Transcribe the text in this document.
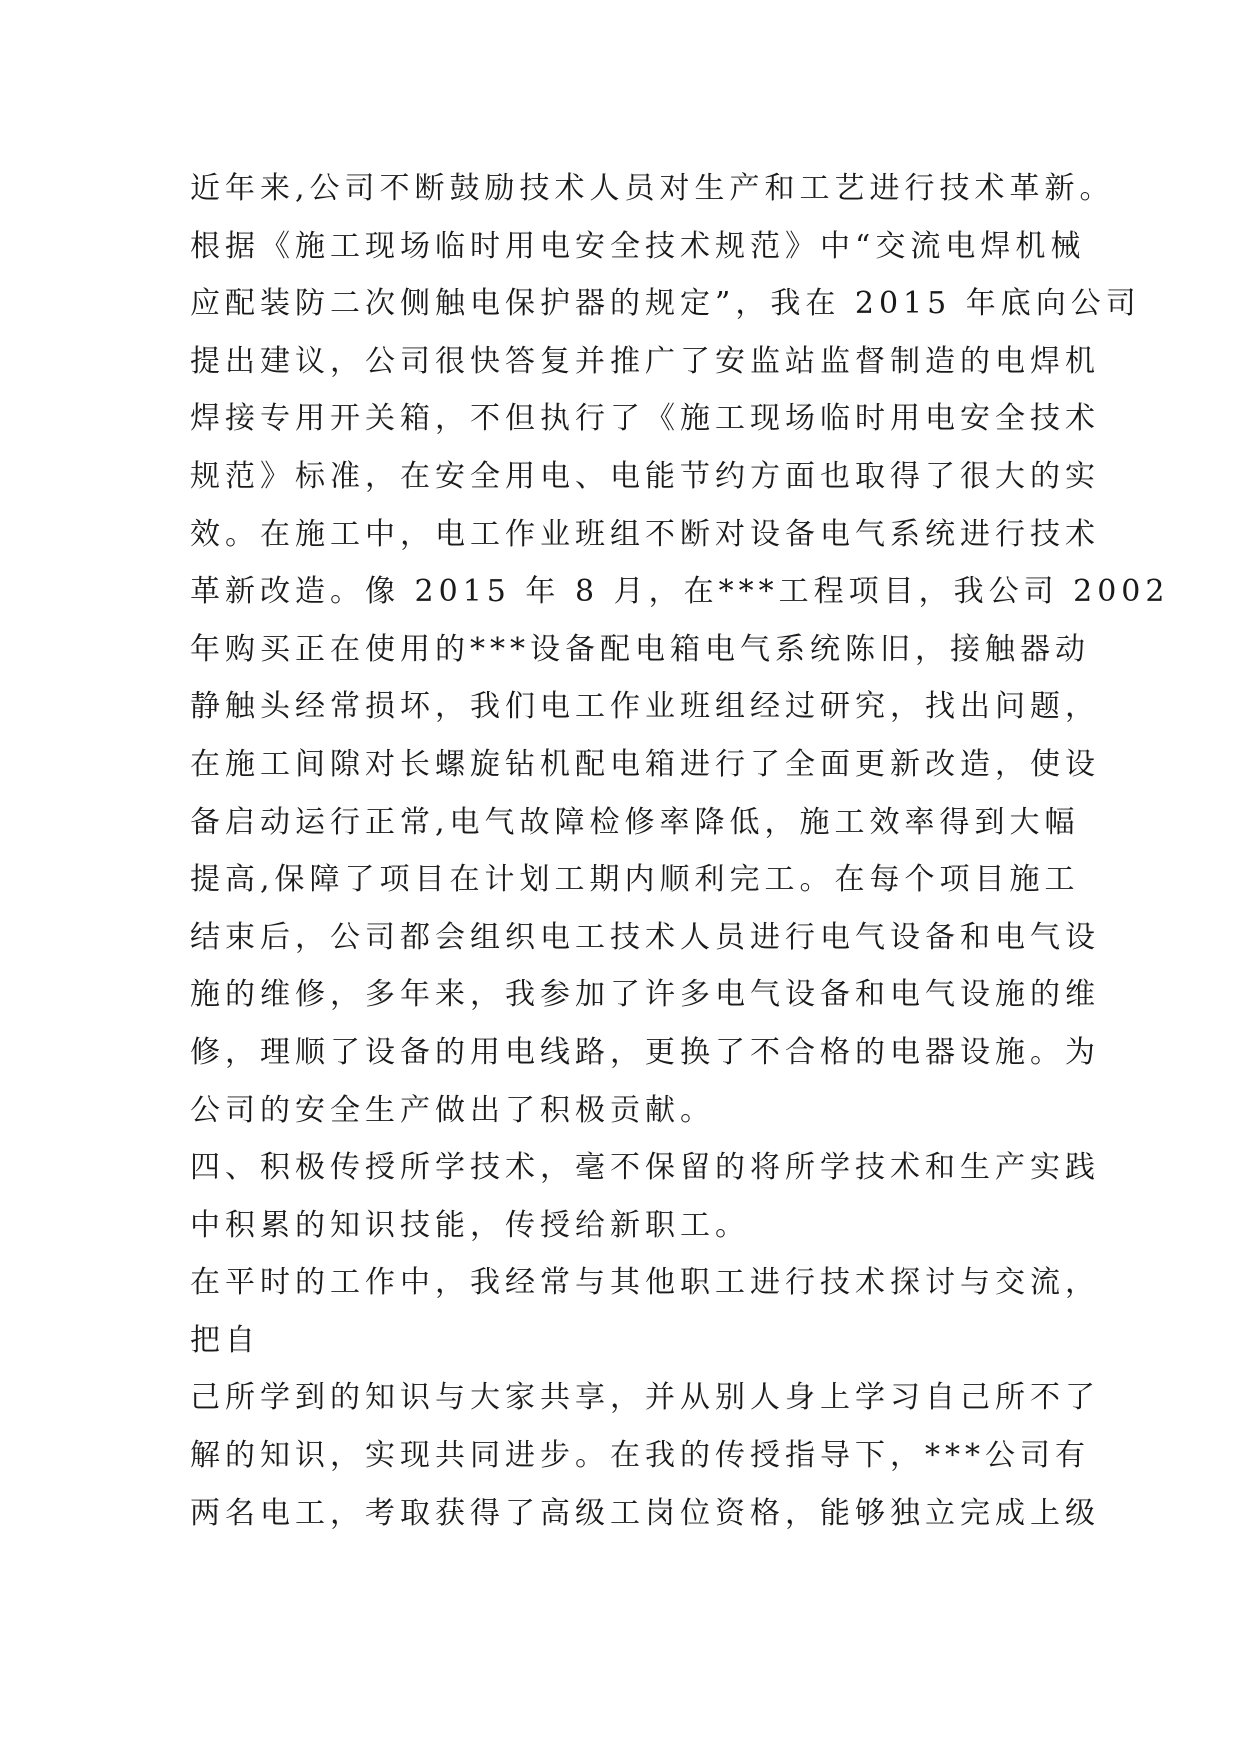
近年来,公司不断鼓励技术人员对生产和工艺进行技术革新。
根据《施工现场临时用电安全技术规范》中“交流电焊机械
应配装防二次侧触电保护器的规定”，我在 2015 年底向公司
提出建议，公司很快答复并推广了安监站监督制造的电焊机
焊接专用开关箱，不但执行了《施工现场临时用电安全技术
规范》标准，在安全用电、电能节约方面也取得了很大的实
效。在施工中，电工作业班组不断对设备电气系统进行技术
革新改造。像 2015 年 8 月，在***工程项目，我公司 2002
年购买正在使用的***设备配电箱电气系统陈旧，接触器动
静触头经常损坏，我们电工作业班组经过研究，找出问题，
在施工间隙对长螺旋钻机配电箱进行了全面更新改造，使设
备启动运行正常,电气故障检修率降低，施工效率得到大幅
提高,保障了项目在计划工期内顺利完工。在每个项目施工
结束后，公司都会组织电工技术人员进行电气设备和电气设
施的维修，多年来，我参加了许多电气设备和电气设施的维
修，理顺了设备的用电线路，更换了不合格的电器设施。为
公司的安全生产做出了积极贡献。
四、积极传授所学技术，毫不保留的将所学技术和生产实践
中积累的知识技能，传授给新职工。
在平时的工作中，我经常与其他职工进行技术探讨与交流，
把自
己所学到的知识与大家共享，并从别人身上学习自己所不了
解的知识，实现共同进步。在我的传授指导下，***公司有
两名电工，考取获得了高级工岗位资格，能够独立完成上级
